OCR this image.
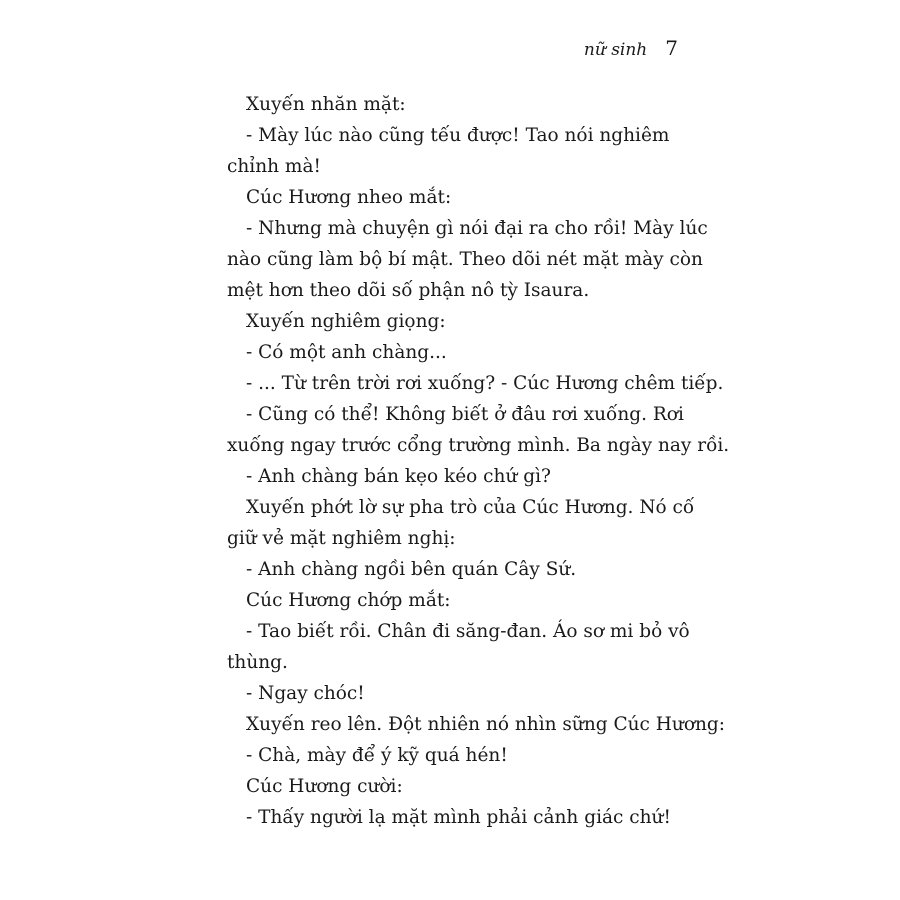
nữ sinh 7

Xuyến nhăn mặt:

- Mày lúc nào cũng tếu được! Tao nói nghiêm
chỉnh mà!

Cúc Hương nheo mắt:

- Nhưng mà chuyện gì nói đại ra cho rồi! Mày lúc
nào cũng làm bộ bí mật. Theo dõi nét mặt mày còn
mệt hơn theo dõi số phận nô tỳ Isaura.

Xuyến nghiêm giọng:

- Có một anh chàng...

- ... Từ trên trời rơi xuống? - Cúc Hương chêm tiếp.

- Cũng có thể! Không biết ở đâu rơi xuống. Rơi
xuống ngay trước cổng trường mình. Ba ngày nay rồi.

- Anh chàng bán kẹo kéo chứ gì?

Xuyến phớt lờ sự pha trò của Cúc Hương. Nó cố
giữ vẻ mặt nghiêm nghị:

- Anh chàng ngồi bên quán Cây Sứ.

Cúc Hương chớp mắt:

- Tao biết rồi. Chân đi săng-đan. Áo sơ mi bỏ vô
thùng.

- Ngay chóc!

Xuyến reo lên. Đột nhiên nó nhìn sững Cúc Hương:

- Chà, mày để ý kỹ quá hén!

Cúc Hương cười:

- Thấy người lạ mặt mình phải cảnh giác chứ!
